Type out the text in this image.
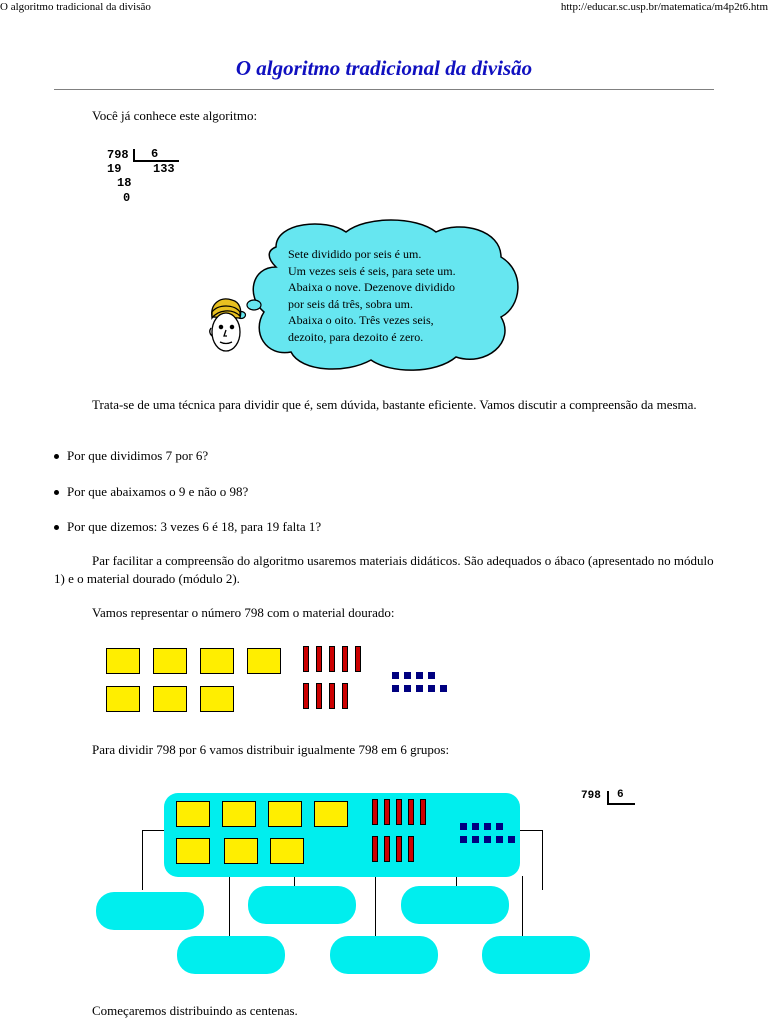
O algoritmo tradicional da divisão	http://educar.sc.usp.br/matematica/m4p2t6.htm
O algoritmo tradicional da divisão
Você já conhece este algoritmo:
798 6
19	133
18
0
Sete dividido por seis é um.
Um vezes seis é seis, para sete um.
Abaixa o nove. Dezenove dividido
por seis dá três, sobra um.
Abaixa o oito. Três vezes seis,
dezoito, para dezoito é zero.
Trata-se de uma técnica para dividir que é, sem dúvida, bastante eficiente. Vamos discutir a compreensão da mesma.
Por que dividimos 7 por 6?
Por que abaixamos o 9 e não o 98?
Por que dizemos: 3 vezes 6 é 18, para 19 falta 1?
Par facilitar a compreensão do algoritmo usaremos materiais didáticos. São adequados o ábaco (apresentado no módulo 1) e o material dourado (módulo 2).
Vamos representar o número 798 com o material dourado:
Para dividir 798 por 6 vamos distribuir igualmente 798 em 6 grupos:
798 6
Começaremos distribuindo as centenas.
